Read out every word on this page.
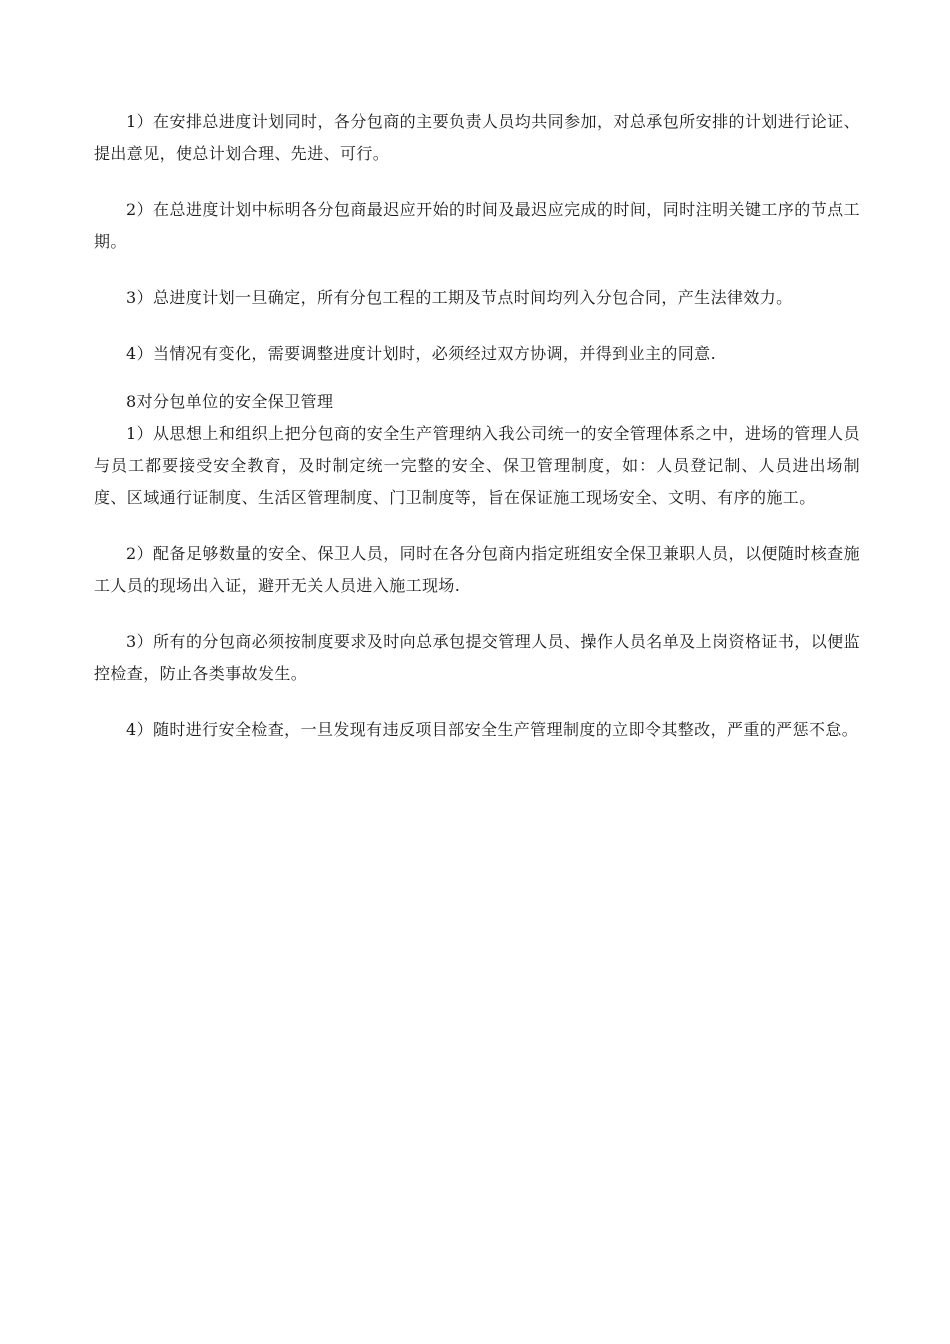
1）在安排总进度计划同时，各分包商的主要负责人员均共同参加，对总承包所安排的计划进行论证、提出意见，使总计划合理、先进、可行。

2）在总进度计划中标明各分包商最迟应开始的时间及最迟应完成的时间，同时注明关键工序的节点工期。

3）总进度计划一旦确定，所有分包工程的工期及节点时间均列入分包合同，产生法律效力。

4）当情况有变化，需要调整进度计划时，必须经过双方协调，并得到业主的同意.

8对分包单位的安全保卫管理

1）从思想上和组织上把分包商的安全生产管理纳入我公司统一的安全管理体系之中，进场的管理人员与员工都要接受安全教育，及时制定统一完整的安全、保卫管理制度，如：人员登记制、人员进出场制度、区域通行证制度、生活区管理制度、门卫制度等，旨在保证施工现场安全、文明、有序的施工。

2）配备足够数量的安全、保卫人员，同时在各分包商内指定班组安全保卫兼职人员，以便随时核查施工人员的现场出入证，避开无关人员进入施工现场.

3）所有的分包商必须按制度要求及时向总承包提交管理人员、操作人员名单及上岗资格证书，以便监控检查，防止各类事故发生。

4）随时进行安全检查，一旦发现有违反项目部安全生产管理制度的立即令其整改，严重的严惩不怠。
